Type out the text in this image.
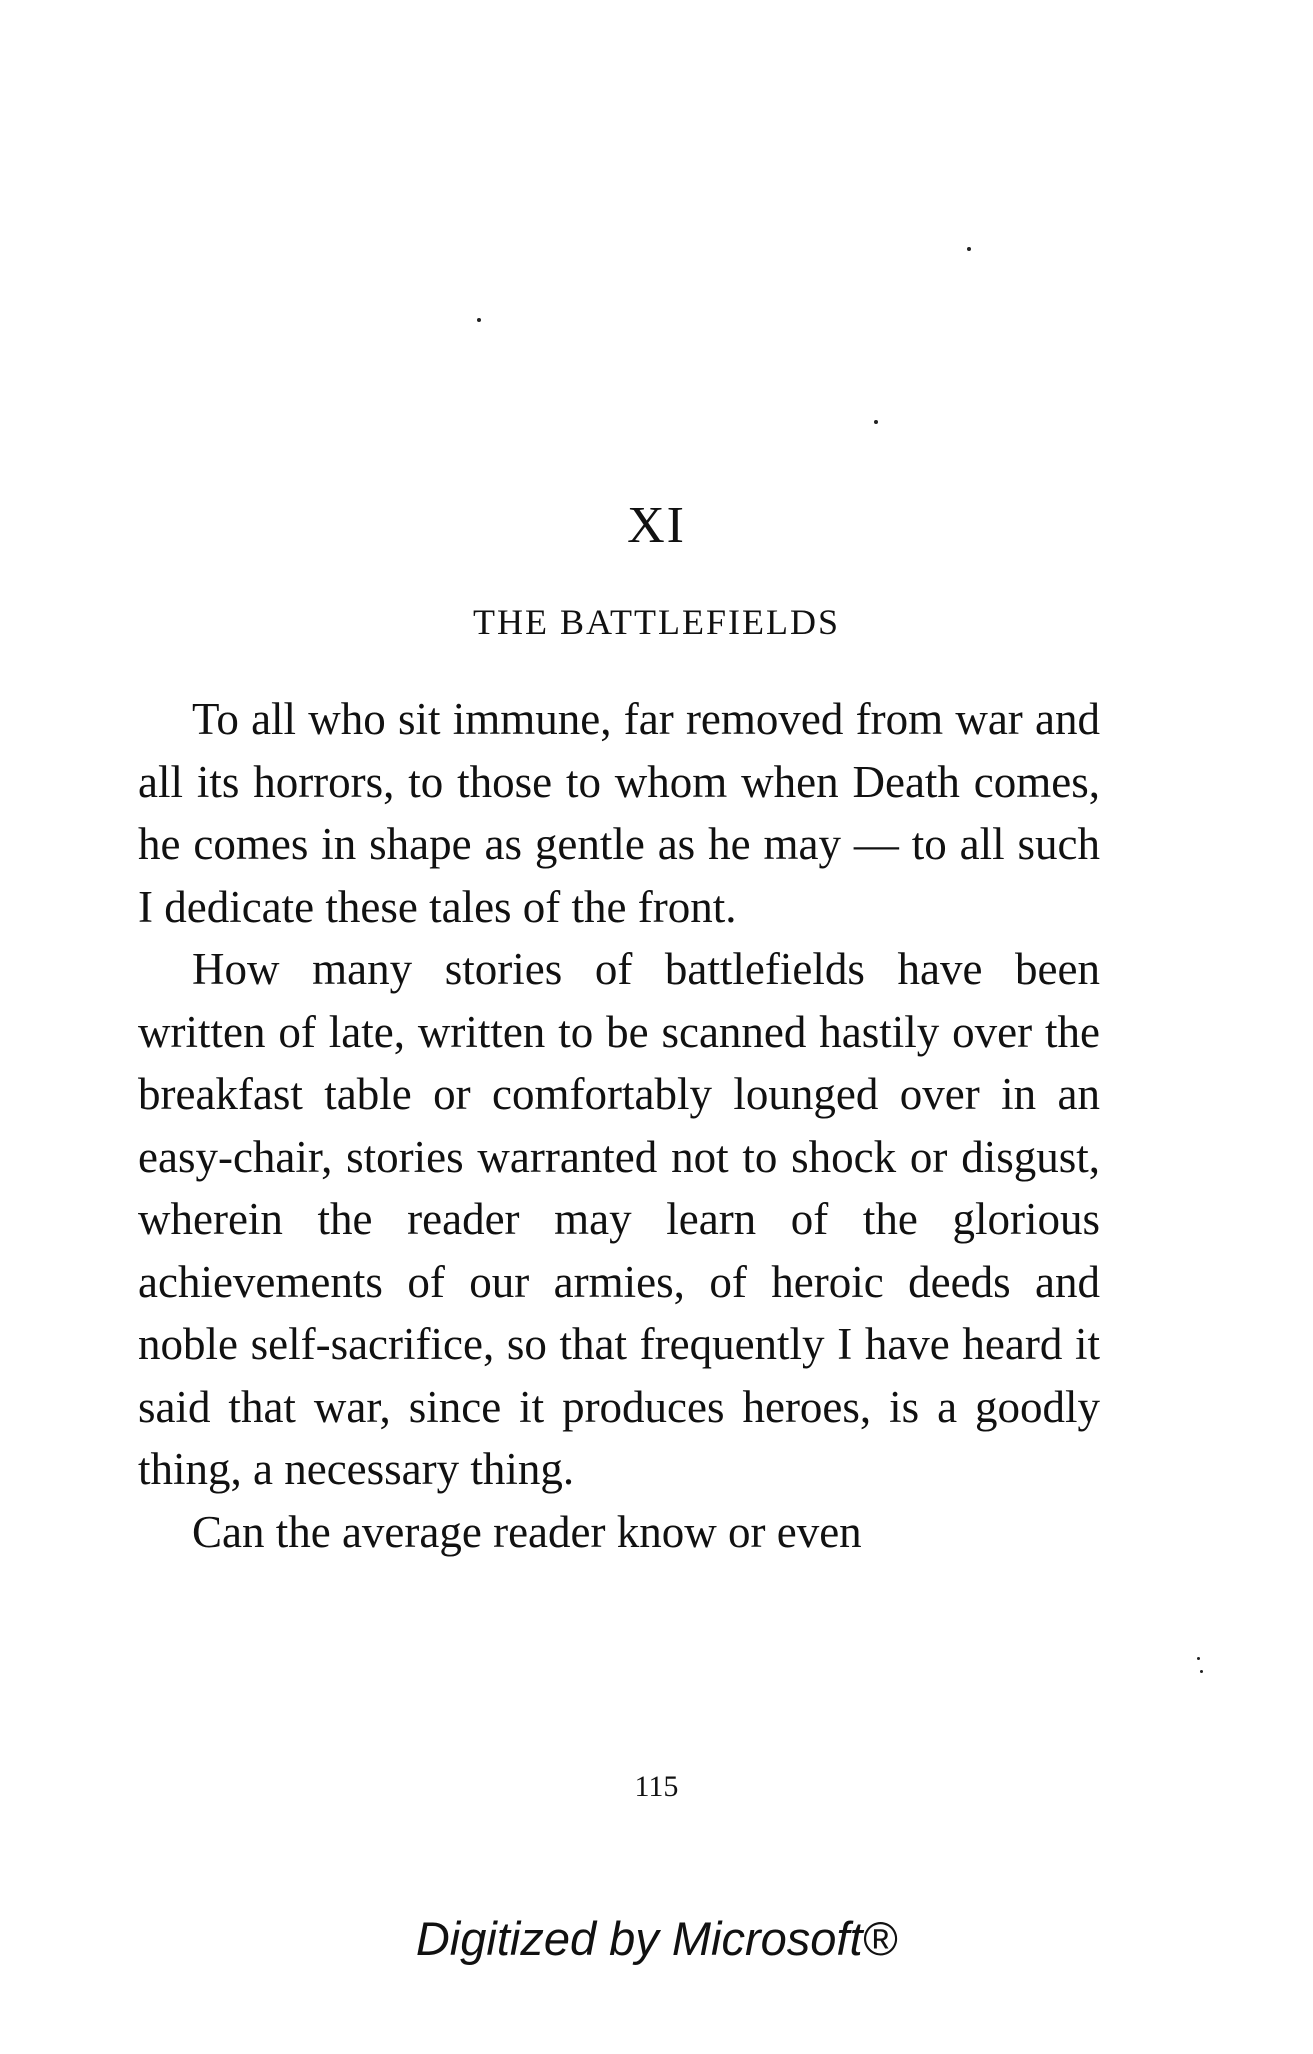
XI
THE BATTLEFIELDS

To all who sit immune, far removed from war and all its horrors, to those to whom when Death comes, he comes in shape as gentle as he may — to all such I dedicate these tales of the front.

How many stories of battlefields have been written of late, written to be scanned hastily over the breakfast table or comfortably lounged over in an easy-chair, stories warranted not to shock or disgust, wherein the reader may learn of the glorious achievements of our armies, of heroic deeds and noble self-sacrifice, so that frequently I have heard it said that war, since it produces heroes, is a goodly thing, a necessary thing.

Can the average reader know or even

115
Digitized by Microsoft®
